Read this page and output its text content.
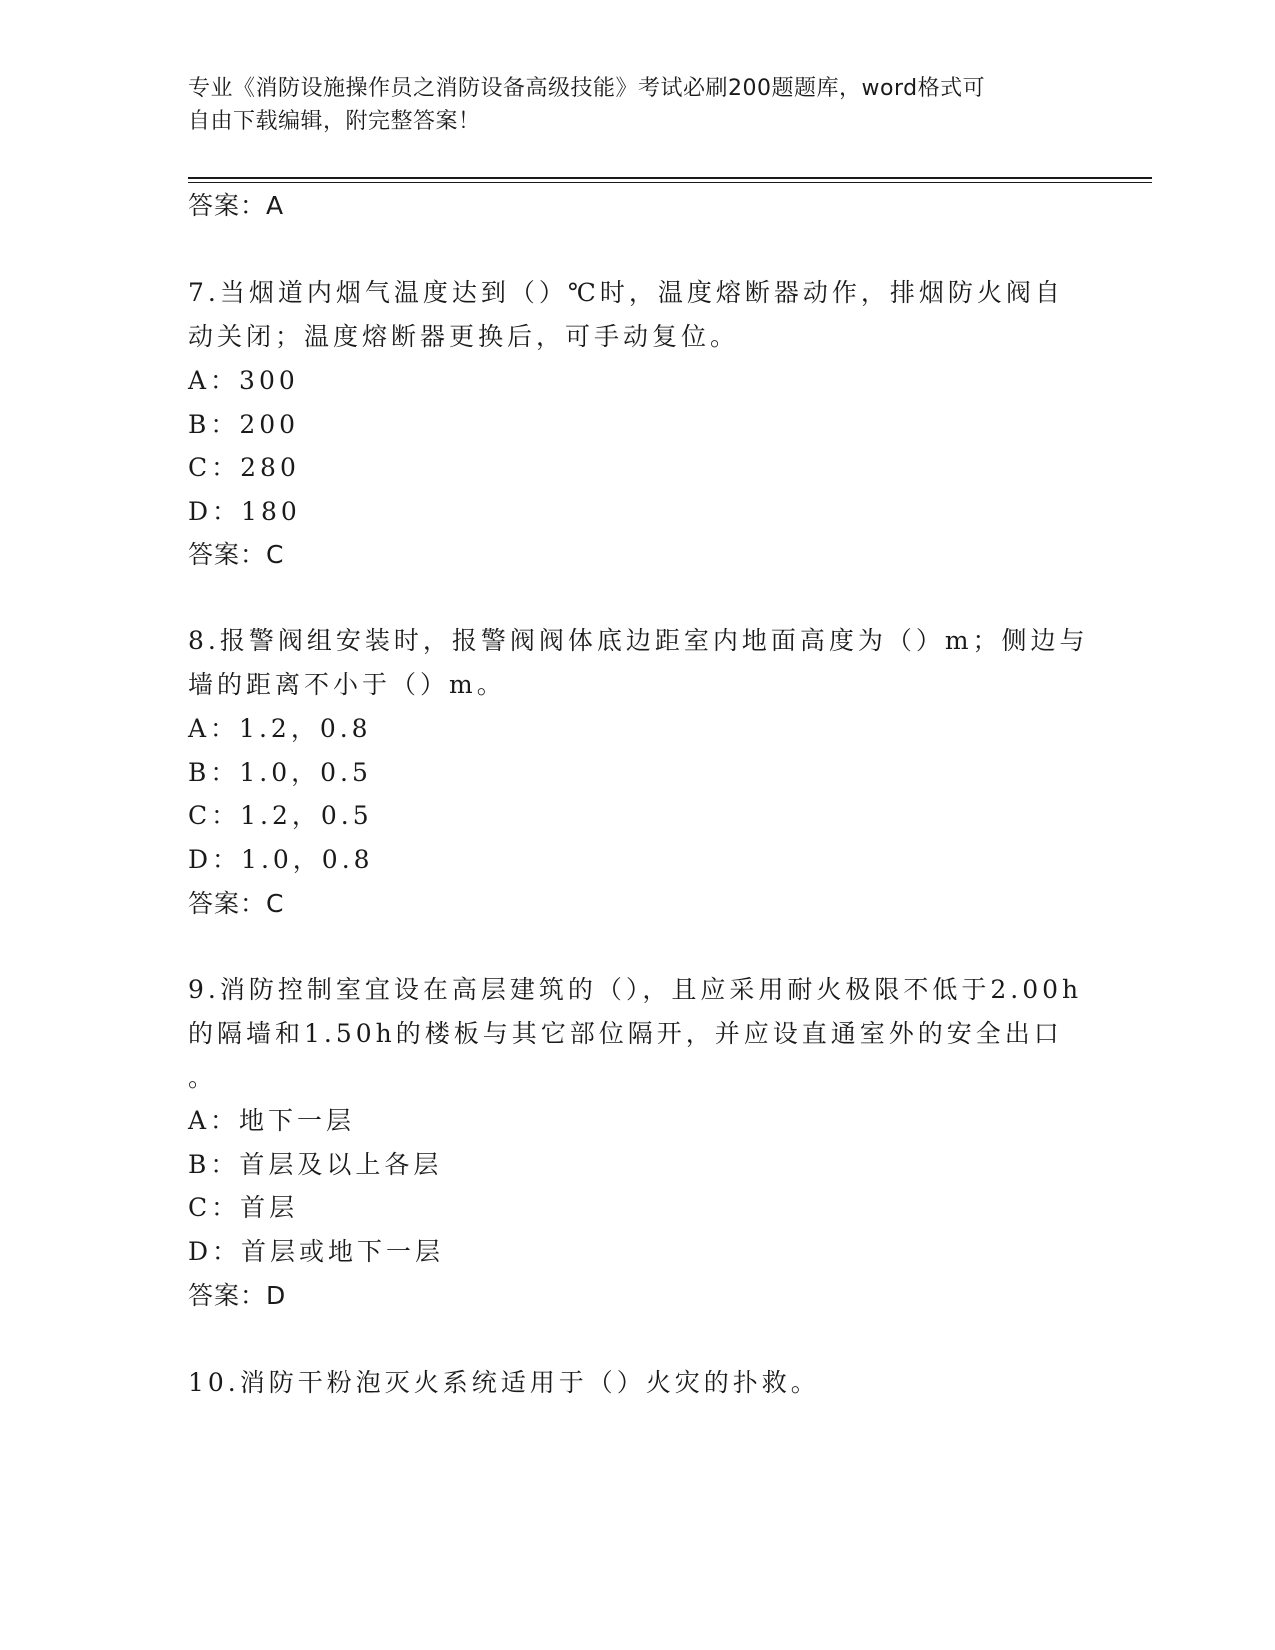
专业《消防设施操作员之消防设备高级技能》考试必刷200题题库，word格式可
自由下载编辑，附完整答案！
答案：A
7.当烟道内烟气温度达到（）℃时，温度熔断器动作，排烟防火阀自
动关闭；温度熔断器更换后，可手动复位。
A：300
B：200
C：280
D：180
答案：C
8.报警阀组安装时，报警阀阀体底边距室内地面高度为（）m；侧边与
墙的距离不小于（）m。
A：1.2，0.8
B：1.0，0.5
C：1.2，0.5
D：1.0，0.8
答案：C
9.消防控制室宜设在高层建筑的（），且应采用耐火极限不低于2.00h
的隔墙和1.50h的楼板与其它部位隔开，并应设直通室外的安全出口
。
A：地下一层
B：首层及以上各层
C：首层
D：首层或地下一层
答案：D
10.消防干粉泡灭火系统适用于（）火灾的扑救。
